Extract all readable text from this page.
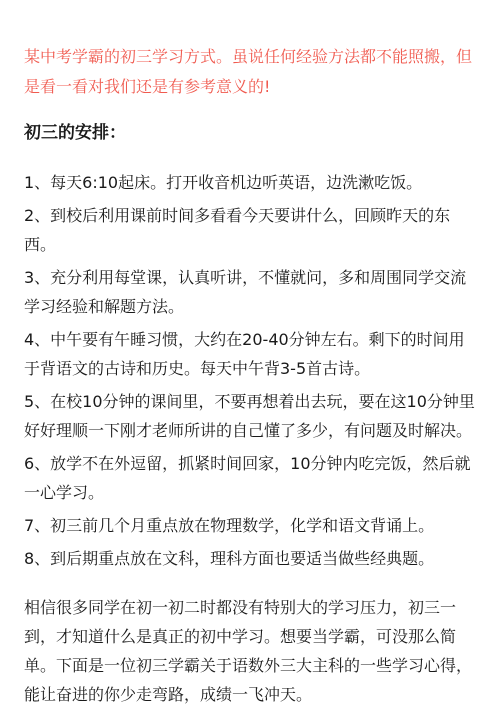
某中考学霸的初三学习方式。虽说任何经验方法都不能照搬，但是看一看对我们还是有参考意义的!

初三的安排：
1、每天6:10起床。打开收音机边听英语，边洗漱吃饭。
2、到校后利用课前时间多看看今天要讲什么，回顾昨天的东西。
3、充分利用每堂课，认真听讲，不懂就问，多和周围同学交流学习经验和解题方法。
4、中午要有午睡习惯，大约在20-40分钟左右。剩下的时间用于背语文的古诗和历史。每天中午背3-5首古诗。
5、在校10分钟的课间里，不要再想着出去玩，要在这10分钟里好好理顺一下刚才老师所讲的自己懂了多少，有问题及时解决。
6、放学不在外逗留，抓紧时间回家，10分钟内吃完饭，然后就一心学习。
7、初三前几个月重点放在物理数学，化学和语文背诵上。
8、到后期重点放在文科，理科方面也要适当做些经典题。

相信很多同学在初一初二时都没有特别大的学习压力，初三一到，才知道什么是真正的初中学习。想要当学霸，可没那么简单。下面是一位初三学霸关于语数外三大主科的一些学习心得，能让奋进的你少走弯路，成绩一飞冲天。
